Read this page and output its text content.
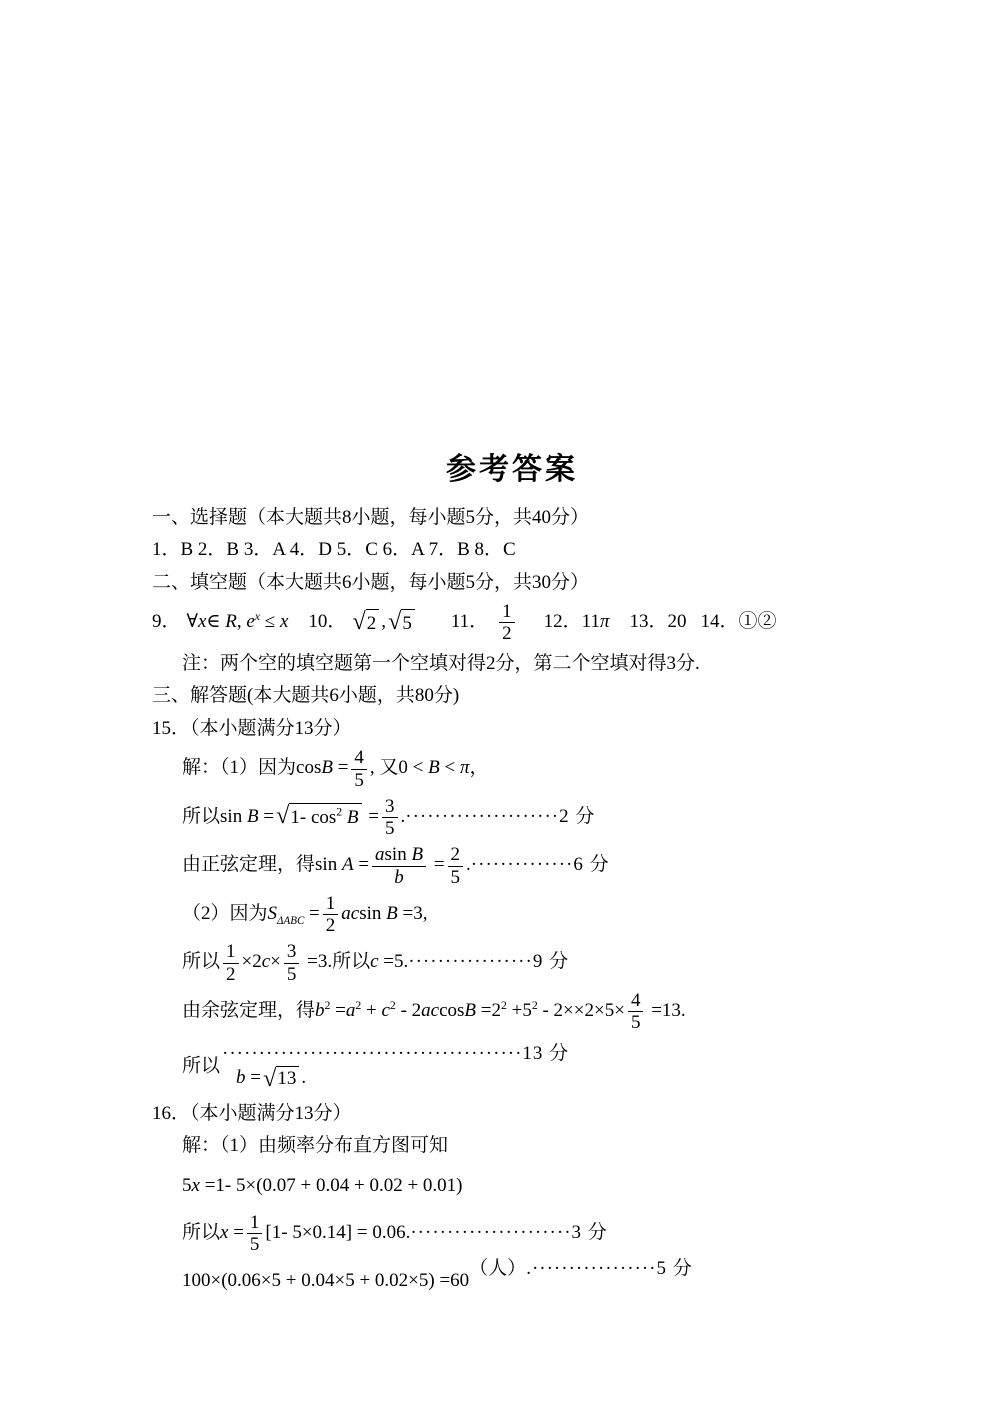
参考答案
一、选择题（本大题共8小题，每小题5分，共40分）
1．B 2．B 3．A 4．D 5．C 6．A 7．B 8．C
二、填空题（本大题共6小题，每小题5分，共30分）
9． ∀x∈ R, $e^x \le x$ 10． √ 2 , √ 5 11． $\frac{1}{2} 12$．11π 13．20 14．①②
注：两个空的填空题第一个空填对得2分，第二个空填对得3分.
三、解答题(本大题共6小题，共80分)
15．（本小题满分13分）
解：（1）因为$\cos B = \frac{4}{5}$ , 又0 < B < π，
所以sin B = √ 1- $\cos^2 B = \frac{3}{5} .\cdot\cdot\cdot\cdot\cdot\cdot\cdot\cdot\cdot\cdot\cdot\cdot\cdot\cdot\cdot\cdot\cdot\cdot\cdot\cdot\cdot 2$ 分
由正弦定理，得$\sin A = \frac{\text{asin B}}{b} = \frac{2}{5} .\cdot\cdot\cdot\cdot\cdot\cdot\cdot\cdot\cdot\cdot\cdot\cdot\cdot\cdot 6$ 分
（2）因为$S_{\Delta ABC} = \frac{1}{2}$ acsin B =3,
所以 $\frac{1}{2} \times 2c\times \frac{3}{5} =3$.所以c =5.·················9 分
由余弦定理，得$b^2 =a^2 + c^2 - 2accosB =2^2 +5^2 - 2\times\times 2\times 5\times \frac{4}{5} =13$.
所以
·········································13 分
b = √ 13 .
16．（本小题满分13分）
解：（1）由频率分布直方图可知
5x =1- 5×(0.07 + 0.04 + 0.02 + 0.01)
所以$x = \frac{1}{5} [1-$ 5×0.14] = 0.06.······················3 分
100×(0.06×5 + 0.04×5 + 0.02×5) =60（人）.·················5 分
